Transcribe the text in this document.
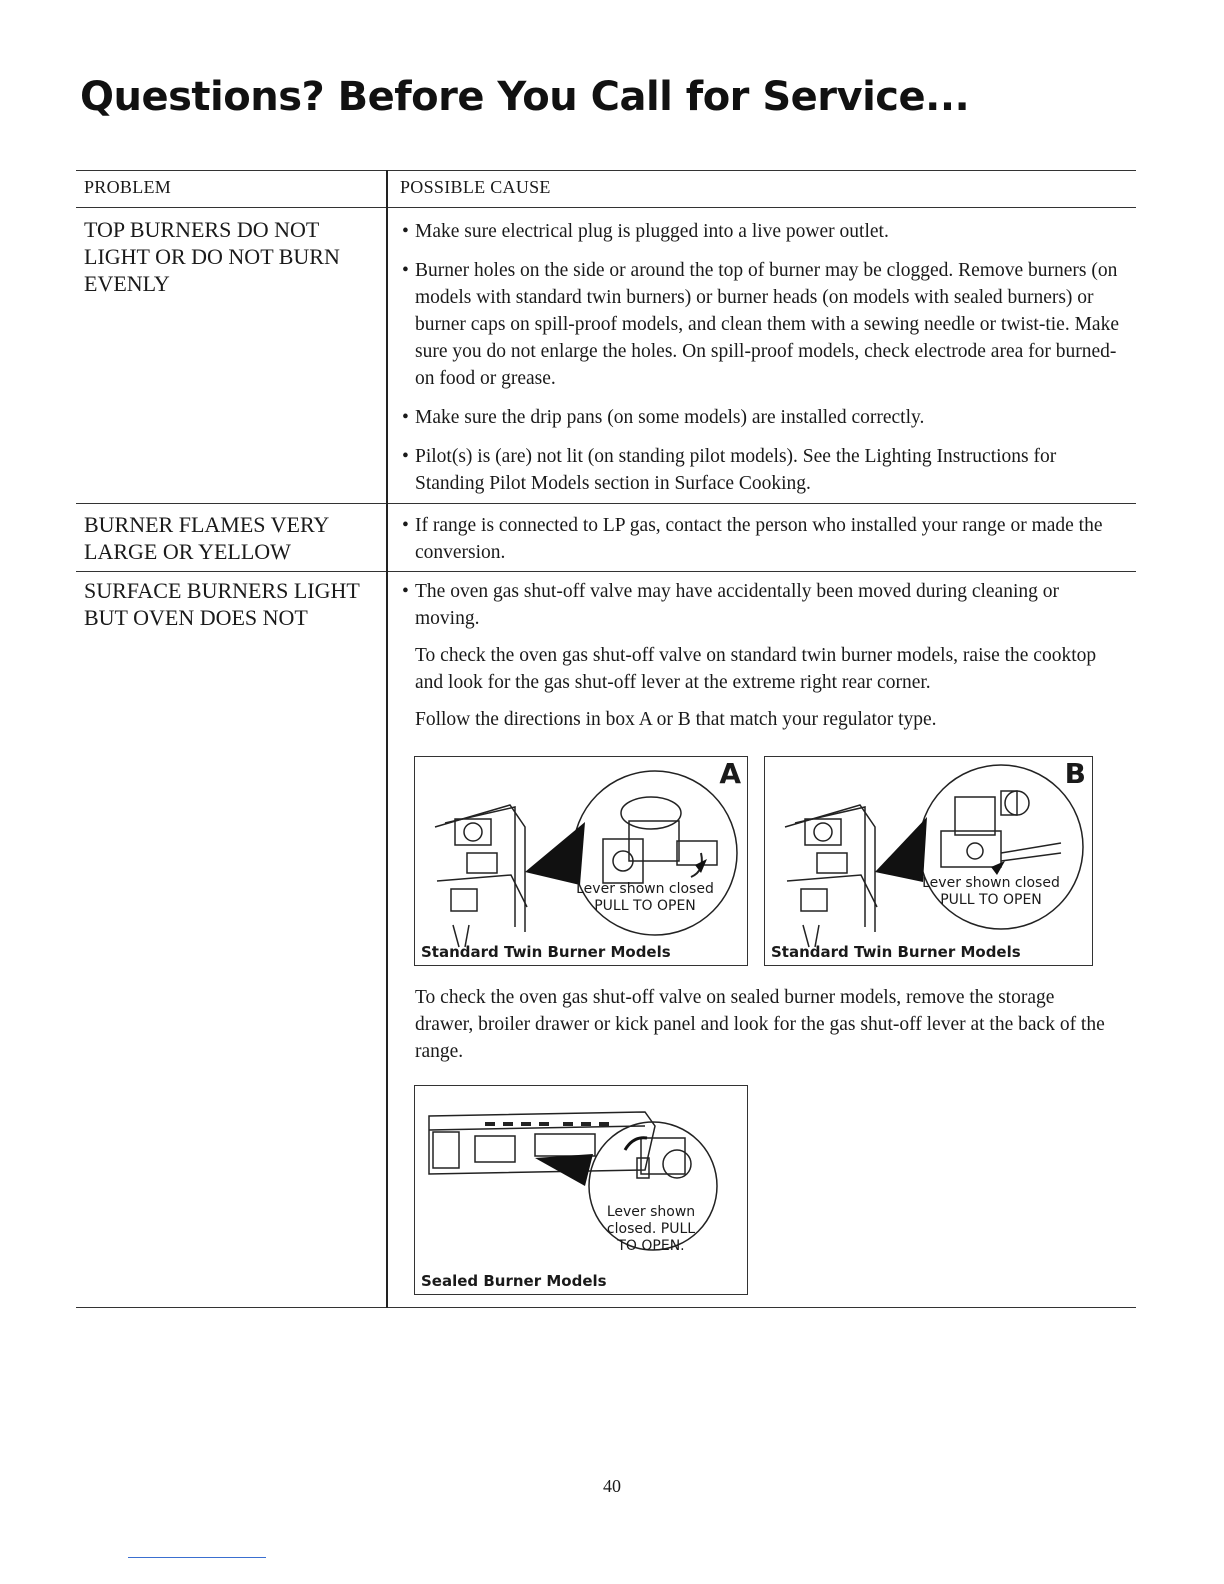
Questions? Before You Call for Service...
PROBLEM	POSSIBLE CAUSE
TOP BURNERS DO NOT LIGHT OR DO NOT BURN EVENLY

• Make sure electrical plug is plugged into a live power outlet.

• Burner holes on the side or around the top of burner may be clogged. Remove burners (on models with standard twin burners) or burner heads (on models with sealed burners) or burner caps on spill-proof models, and clean them with a sewing needle or twist-tie. Make sure you do not enlarge the holes. On spill-proof models, check electrode area for burned-on food or grease.

• Make sure the drip pans (on some models) are installed correctly.

• Pilot(s) is (are) not lit (on standing pilot models). See the Lighting Instructions for Standing Pilot Models section in Surface Cooking.

BURNER FLAMES VERY LARGE OR YELLOW

• If range is connected to LP gas, contact the person who installed your range or made the conversion.

SURFACE BURNERS LIGHT BUT OVEN DOES NOT

• The oven gas shut-off valve may have accidentally been moved during cleaning or moving.

To check the oven gas shut-off valve on standard twin burner models, raise the cooktop and look for the gas shut-off lever at the extreme right rear corner.

Follow the directions in box A or B that match your regulator type.

To check the oven gas shut-off valve on sealed burner models, remove the storage drawer, broiler drawer or kick panel and look for the gas shut-off lever at the back of the range.

A
Lever shown closed
PULL TO OPEN
Standard Twin Burner Models
B
Lever shown closed
PULL TO OPEN
Standard Twin Burner Models
Lever shown closed. PULL TO OPEN.
Sealed Burner Models
40
